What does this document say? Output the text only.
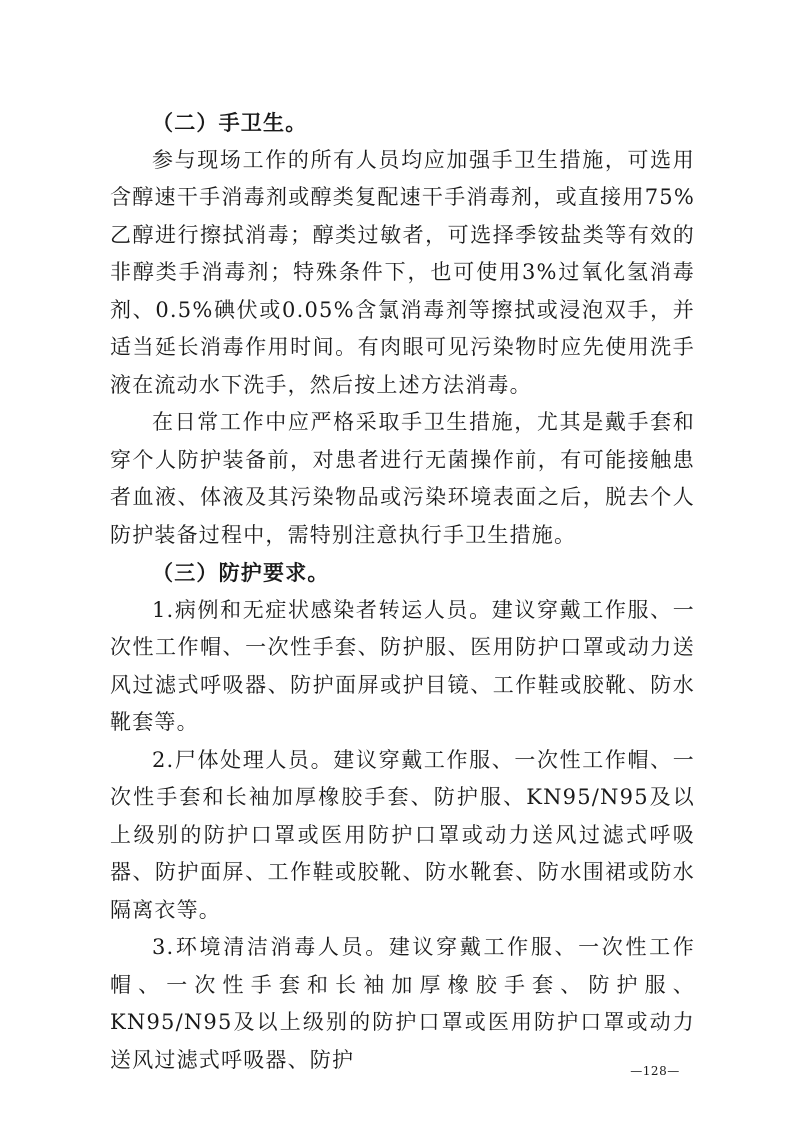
（二）手卫生。

参与现场工作的所有人员均应加强手卫生措施，可选用含醇速干手消毒剂或醇类复配速干手消毒剂，或直接用75%乙醇进行擦拭消毒；醇类过敏者，可选择季铵盐类等有效的非醇类手消毒剂；特殊条件下，也可使用3%过氧化氢消毒剂、0.5%碘伏或0.05%含氯消毒剂等擦拭或浸泡双手，并适当延长消毒作用时间。有肉眼可见污染物时应先使用洗手液在流动水下洗手，然后按上述方法消毒。

在日常工作中应严格采取手卫生措施，尤其是戴手套和穿个人防护装备前，对患者进行无菌操作前，有可能接触患者血液、体液及其污染物品或污染环境表面之后，脱去个人防护装备过程中，需特别注意执行手卫生措施。

（三）防护要求。

1.病例和无症状感染者转运人员。建议穿戴工作服、一次性工作帽、一次性手套、防护服、医用防护口罩或动力送风过滤式呼吸器、防护面屏或护目镜、工作鞋或胶靴、防水靴套等。

2.尸体处理人员。建议穿戴工作服、一次性工作帽、一次性手套和长袖加厚橡胶手套、防护服、KN95/N95及以上级别的防护口罩或医用防护口罩或动力送风过滤式呼吸器、防护面屏、工作鞋或胶靴、防水靴套、防水围裙或防水隔离衣等。

3.环境清洁消毒人员。建议穿戴工作服、一次性工作帽、一次性手套和长袖加厚橡胶手套、防护服、KN95/N95及以上级别的防护口罩或医用防护口罩或动力送风过滤式呼吸器、防护	—128—
